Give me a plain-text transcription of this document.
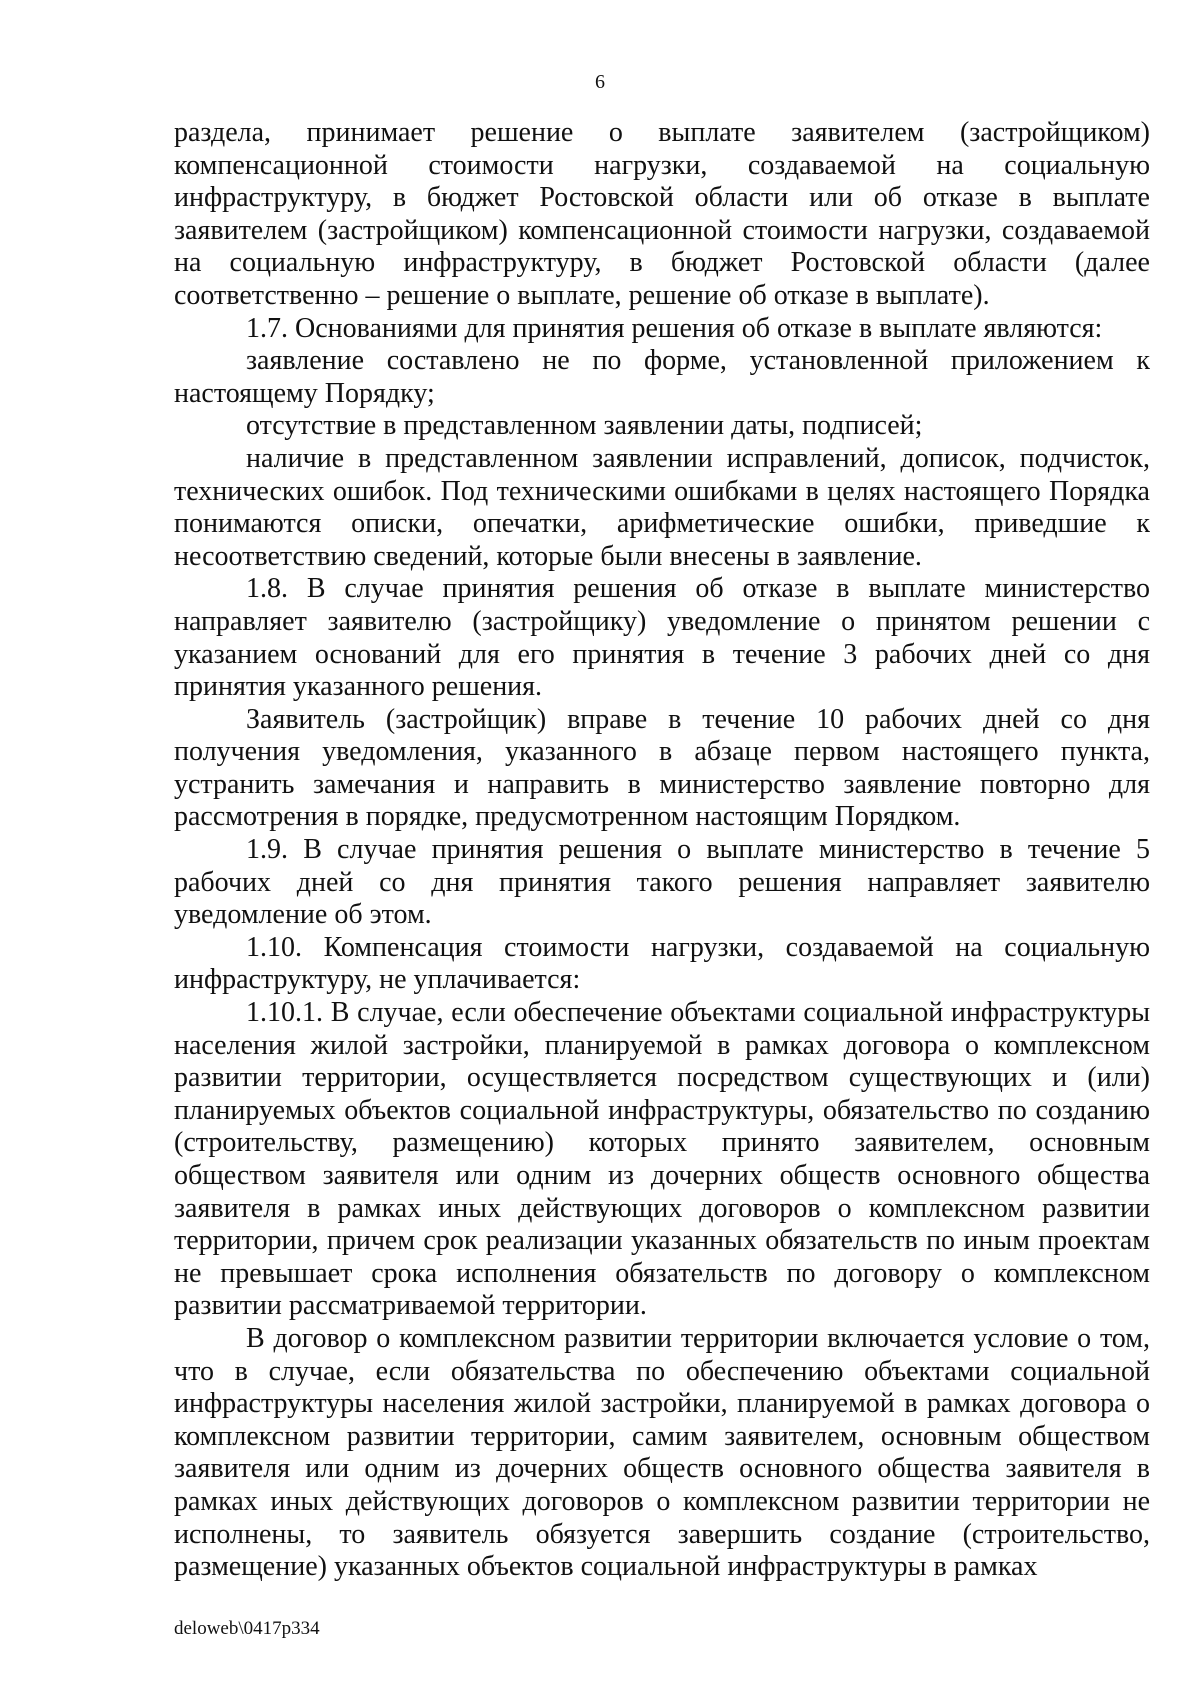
6

раздела, принимает решение о выплате заявителем (застройщиком) компенсационной стоимости нагрузки, создаваемой на социальную инфраструктуру, в бюджет Ростовской области или об отказе в выплате заявителем (застройщиком) компенсационной стоимости нагрузки, создаваемой на социальную инфраструктуру, в бюджет Ростовской области (далее соответственно – решение о выплате, решение об отказе в выплате).

1.7. Основаниями для принятия решения об отказе в выплате являются:

заявление составлено не по форме, установленной приложением к настоящему Порядку;

отсутствие в представленном заявлении даты, подписей;

наличие в представленном заявлении исправлений, дописок, подчисток, технических ошибок. Под техническими ошибками в целях настоящего Порядка понимаются описки, опечатки, арифметические ошибки, приведшие к несоответствию сведений, которые были внесены в заявление.

1.8. В случае принятия решения об отказе в выплате министерство направляет заявителю (застройщику) уведомление о принятом решении с указанием оснований для его принятия в течение 3 рабочих дней со дня принятия указанного решения.

Заявитель (застройщик) вправе в течение 10 рабочих дней со дня получения уведомления, указанного в абзаце первом настоящего пункта, устранить замечания и направить в министерство заявление повторно для рассмотрения в порядке, предусмотренном настоящим Порядком.

1.9. В случае принятия решения о выплате министерство в течение 5 рабочих дней со дня принятия такого решения направляет заявителю уведомление об этом.

1.10. Компенсация стоимости нагрузки, создаваемой на социальную инфраструктуру, не уплачивается:

1.10.1. В случае, если обеспечение объектами социальной инфраструктуры населения жилой застройки, планируемой в рамках договора о комплексном развитии территории, осуществляется посредством существующих и (или) планируемых объектов социальной инфраструктуры, обязательство по созданию (строительству, размещению) которых принято заявителем, основным обществом заявителя или одним из дочерних обществ основного общества заявителя в рамках иных действующих договоров о комплексном развитии территории, причем срок реализации указанных обязательств по иным проектам не превышает срока исполнения обязательств по договору о комплексном развитии рассматриваемой территории.

В договор о комплексном развитии территории включается условие о том, что в случае, если обязательства по обеспечению объектами социальной инфраструктуры населения жилой застройки, планируемой в рамках договора о комплексном развитии территории, самим заявителем, основным обществом заявителя или одним из дочерних обществ основного общества заявителя в рамках иных действующих договоров о комплексном развитии территории не исполнены, то заявитель обязуется завершить создание (строительство, размещение) указанных объектов социальной инфраструктуры в рамках

deloweb\0417р334
